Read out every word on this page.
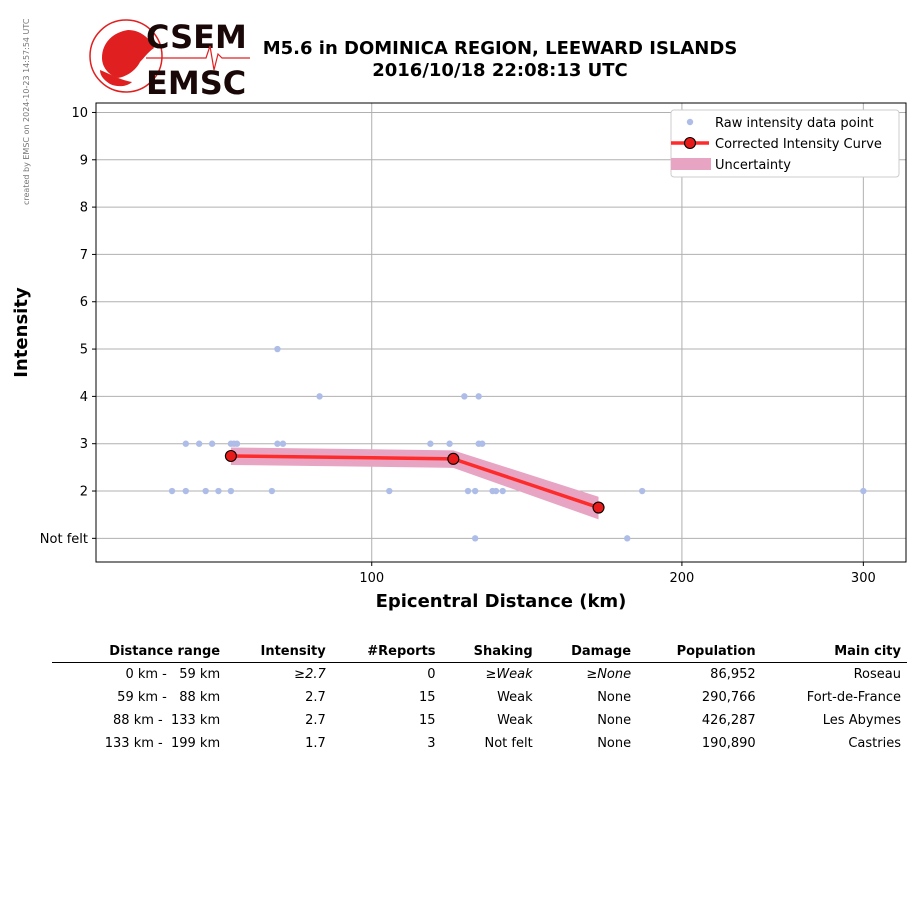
created by EMSC on 2024-10-23 14:57:54 UTC	CSEM
EMSC
M5.6 in DOMINICA REGION, LEEWARD ISLANDS
2016/10/18 22:08:13 UTC
Not felt
2
3
4
5
6
7
8
9
10
100	200	300
Epicentral Distance (km)
Intensity
Raw intensity data point
Corrected Intensity Curve
Uncertainty
Distance range	Intensity	#Reports	Shaking	Damage	Population	Main city
0 km -   59 km	≥2.7	0	≥Weak	≥None	86,952	Roseau
59 km -   88 km	2.7	15	Weak	None	290,766	Fort-de-France
88 km -  133 km	2.7	15	Weak	None	426,287	Les Abymes
133 km -  199 km	1.7	3	Not felt	None	190,890	Castries
